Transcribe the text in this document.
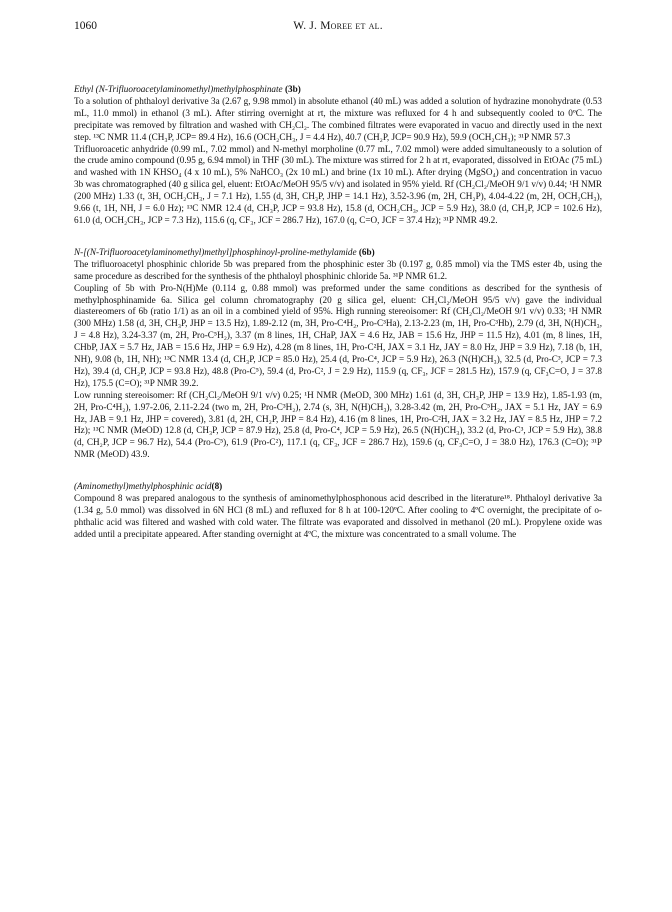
1060	W. J. Moree et al.

Ethyl (N-Trifluoroacetylaminomethyl)methylphosphinate (3b)

To a solution of phthaloyl derivative 3a (2.67 g, 9.98 mmol) in absolute ethanol (40 mL) was added a solution of hydrazine monohydrate (0.53 mL, 11.0 mmol) in ethanol (3 mL). After stirring overnight at rt, the mixture was refluxed for 4 h and subsequently cooled to 0ºC. The precipitate was removed by filtration and washed with CH₂Cl₂. The combined filtrates were evaporated in vacuo and directly used in the next step. ¹³C NMR 11.4 (CH₃P, JCP= 89.4 Hz), 16.6 (OCH₂CH₃, J = 4.4 Hz), 40.7 (CH₂P, JCP= 90.9 Hz), 59.9 (OCH₂CH₃); ³¹P NMR 57.3

Trifluoroacetic anhydride (0.99 mL, 7.02 mmol) and N-methyl morpholine (0.77 mL, 7.02 mmol) were added simultaneously to a solution of the crude amino compound (0.95 g, 6.94 mmol) in THF (30 mL). The mixture was stirred for 2 h at rt, evaporated, dissolved in EtOAc (75 mL) and washed with 1N KHSO₄ (4 x 10 mL), 5% NaHCO₃ (2x 10 mL) and brine (1x 10 mL). After drying (MgSO₄) and concentration in vacuo 3b was chromatographed (40 g silica gel, eluent: EtOAc/MeOH 95/5 v/v) and isolated in 95% yield. Rf (CH₂Cl₂/MeOH 9/1 v/v) 0.44; ¹H NMR (200 MHz) 1.33 (t, 3H, OCH₂CH₃, J = 7.1 Hz), 1.55 (d, 3H, CH₃P, JHP = 14.1 Hz), 3.52-3.96 (m, 2H, CH₂P), 4.04-4.22 (m, 2H, OCH₂CH₃), 9.66 (t, 1H, NH, J = 6.0 Hz); ¹³C NMR 12.4 (d, CH₃P, JCP = 93.8 Hz), 15.8 (d, OCH₂CH₃, JCP = 5.9 Hz), 38.0 (d, CH₂P, JCP = 102.6 Hz), 61.0 (d, OCH₂CH₃, JCP = 7.3 Hz), 115.6 (q, CF₃, JCF = 286.7 Hz), 167.0 (q, C=O, JCF = 37.4 Hz); ³¹P NMR 49.2.

N-[(N-Trifluoroacetylaminomethyl)methyl]phosphinoyl-proline-methylamide (6b)

The trifluoroacetyl phosphinic chloride 5b was prepared from the phosphinic ester 3b (0.197 g, 0.85 mmol) via the TMS ester 4b, using the same procedure as described for the synthesis of the phthaloyl phosphinic chloride 5a. ³¹P NMR 61.2.

Coupling of 5b with Pro-N(H)Me (0.114 g, 0.88 mmol) was preformed under the same conditions as described for the synthesis of methylphosphinamide 6a. Silica gel column chromatography (20 g silica gel, eluent: CH₂Cl₂/MeOH 95/5 v/v) gave the individual diastereomers of 6b (ratio 1/1) as an oil in a combined yield of 95%. High running stereoisomer: Rf (CH₂Cl₂/MeOH 9/1 v/v) 0.33; ¹H NMR (300 MHz) 1.58 (d, 3H, CH₃P, JHP = 13.5 Hz), 1.89-2.12 (m, 3H, Pro-C⁴H₂, Pro-C³Ha), 2.13-2.23 (m, 1H, Pro-C³Hb), 2.79 (d, 3H, N(H)CH₃, J = 4.8 Hz), 3.24-3.37 (m, 2H, Pro-C⁵H₂), 3.37 (m 8 lines, 1H, CHaP, JAX = 4.6 Hz, JAB = 15.6 Hz, JHP = 11.5 Hz), 4.01 (m, 8 lines, 1H, CHbP, JAX = 5.7 Hz, JAB = 15.6 Hz, JHP = 6.9 Hz), 4.28 (m 8 lines, 1H, Pro-C²H, JAX = 3.1 Hz, JAY = 8.0 Hz, JHP = 3.9 Hz), 7.18 (b, 1H, NH), 9.08 (b, 1H, NH); ¹³C NMR 13.4 (d, CH₃P, JCP = 85.0 Hz), 25.4 (d, Pro-C⁴, JCP = 5.9 Hz), 26.3 (N(H)CH₃), 32.5 (d, Pro-C³, JCP = 7.3 Hz), 39.4 (d, CH₂P, JCP = 93.8 Hz), 48.8 (Pro-C⁵), 59.4 (d, Pro-C², J = 2.9 Hz), 115.9 (q, CF₃, JCF = 281.5 Hz), 157.9 (q, CF₃C=O, J = 37.8 Hz), 175.5 (C=O); ³¹P NMR 39.2.

Low running stereoisomer: Rf (CH₂Cl₂/MeOH 9/1 v/v) 0.25; ¹H NMR (MeOD, 300 MHz) 1.61 (d, 3H, CH₃P, JHP = 13.9 Hz), 1.85-1.93 (m, 2H, Pro-C⁴H₂), 1.97-2.06, 2.11-2.24 (two m, 2H, Pro-C³H₂), 2.74 (s, 3H, N(H)CH₃), 3.28-3.42 (m, 2H, Pro-C⁵H₂, JAX = 5.1 Hz, JAY = 6.9 Hz, JAB = 9.1 Hz, JHP = covered), 3.81 (d, 2H, CH₂P, JHP = 8.4 Hz), 4.16 (m 8 lines, 1H, Pro-C²H, JAX = 3.2 Hz, JAY = 8.5 Hz, JHP = 7.2 Hz); ¹³C NMR (MeOD) 12.8 (d, CH₃P, JCP = 87.9 Hz), 25.8 (d, Pro-C⁴, JCP = 5.9 Hz), 26.5 (N(H)CH₃), 33.2 (d, Pro-C³, JCP = 5.9 Hz), 38.8 (d, CH₂P, JCP = 96.7 Hz), 54.4 (Pro-C⁵), 61.9 (Pro-C²), 117.1 (q, CF₃, JCF = 286.7 Hz), 159.6 (q, CF₃C=O, J = 38.0 Hz), 176.3 (C=O); ³¹P NMR (MeOD) 43.9.

(Aminomethyl)methylphosphinic acid(8)

Compound 8 was prepared analogous to the synthesis of aminomethylphosphonous acid described in the literature¹⁸. Phthaloyl derivative 3a (1.34 g, 5.0 mmol) was dissolved in 6N HCl (8 mL) and refluxed for 8 h at 100-120ºC. After cooling to 4ºC overnight, the precipitate of o-phthalic acid was filtered and washed with cold water. The filtrate was evaporated and dissolved in methanol (20 mL). Propylene oxide was added until a precipitate appeared. After standing overnight at 4ºC, the mixture was concentrated to a small volume. The
